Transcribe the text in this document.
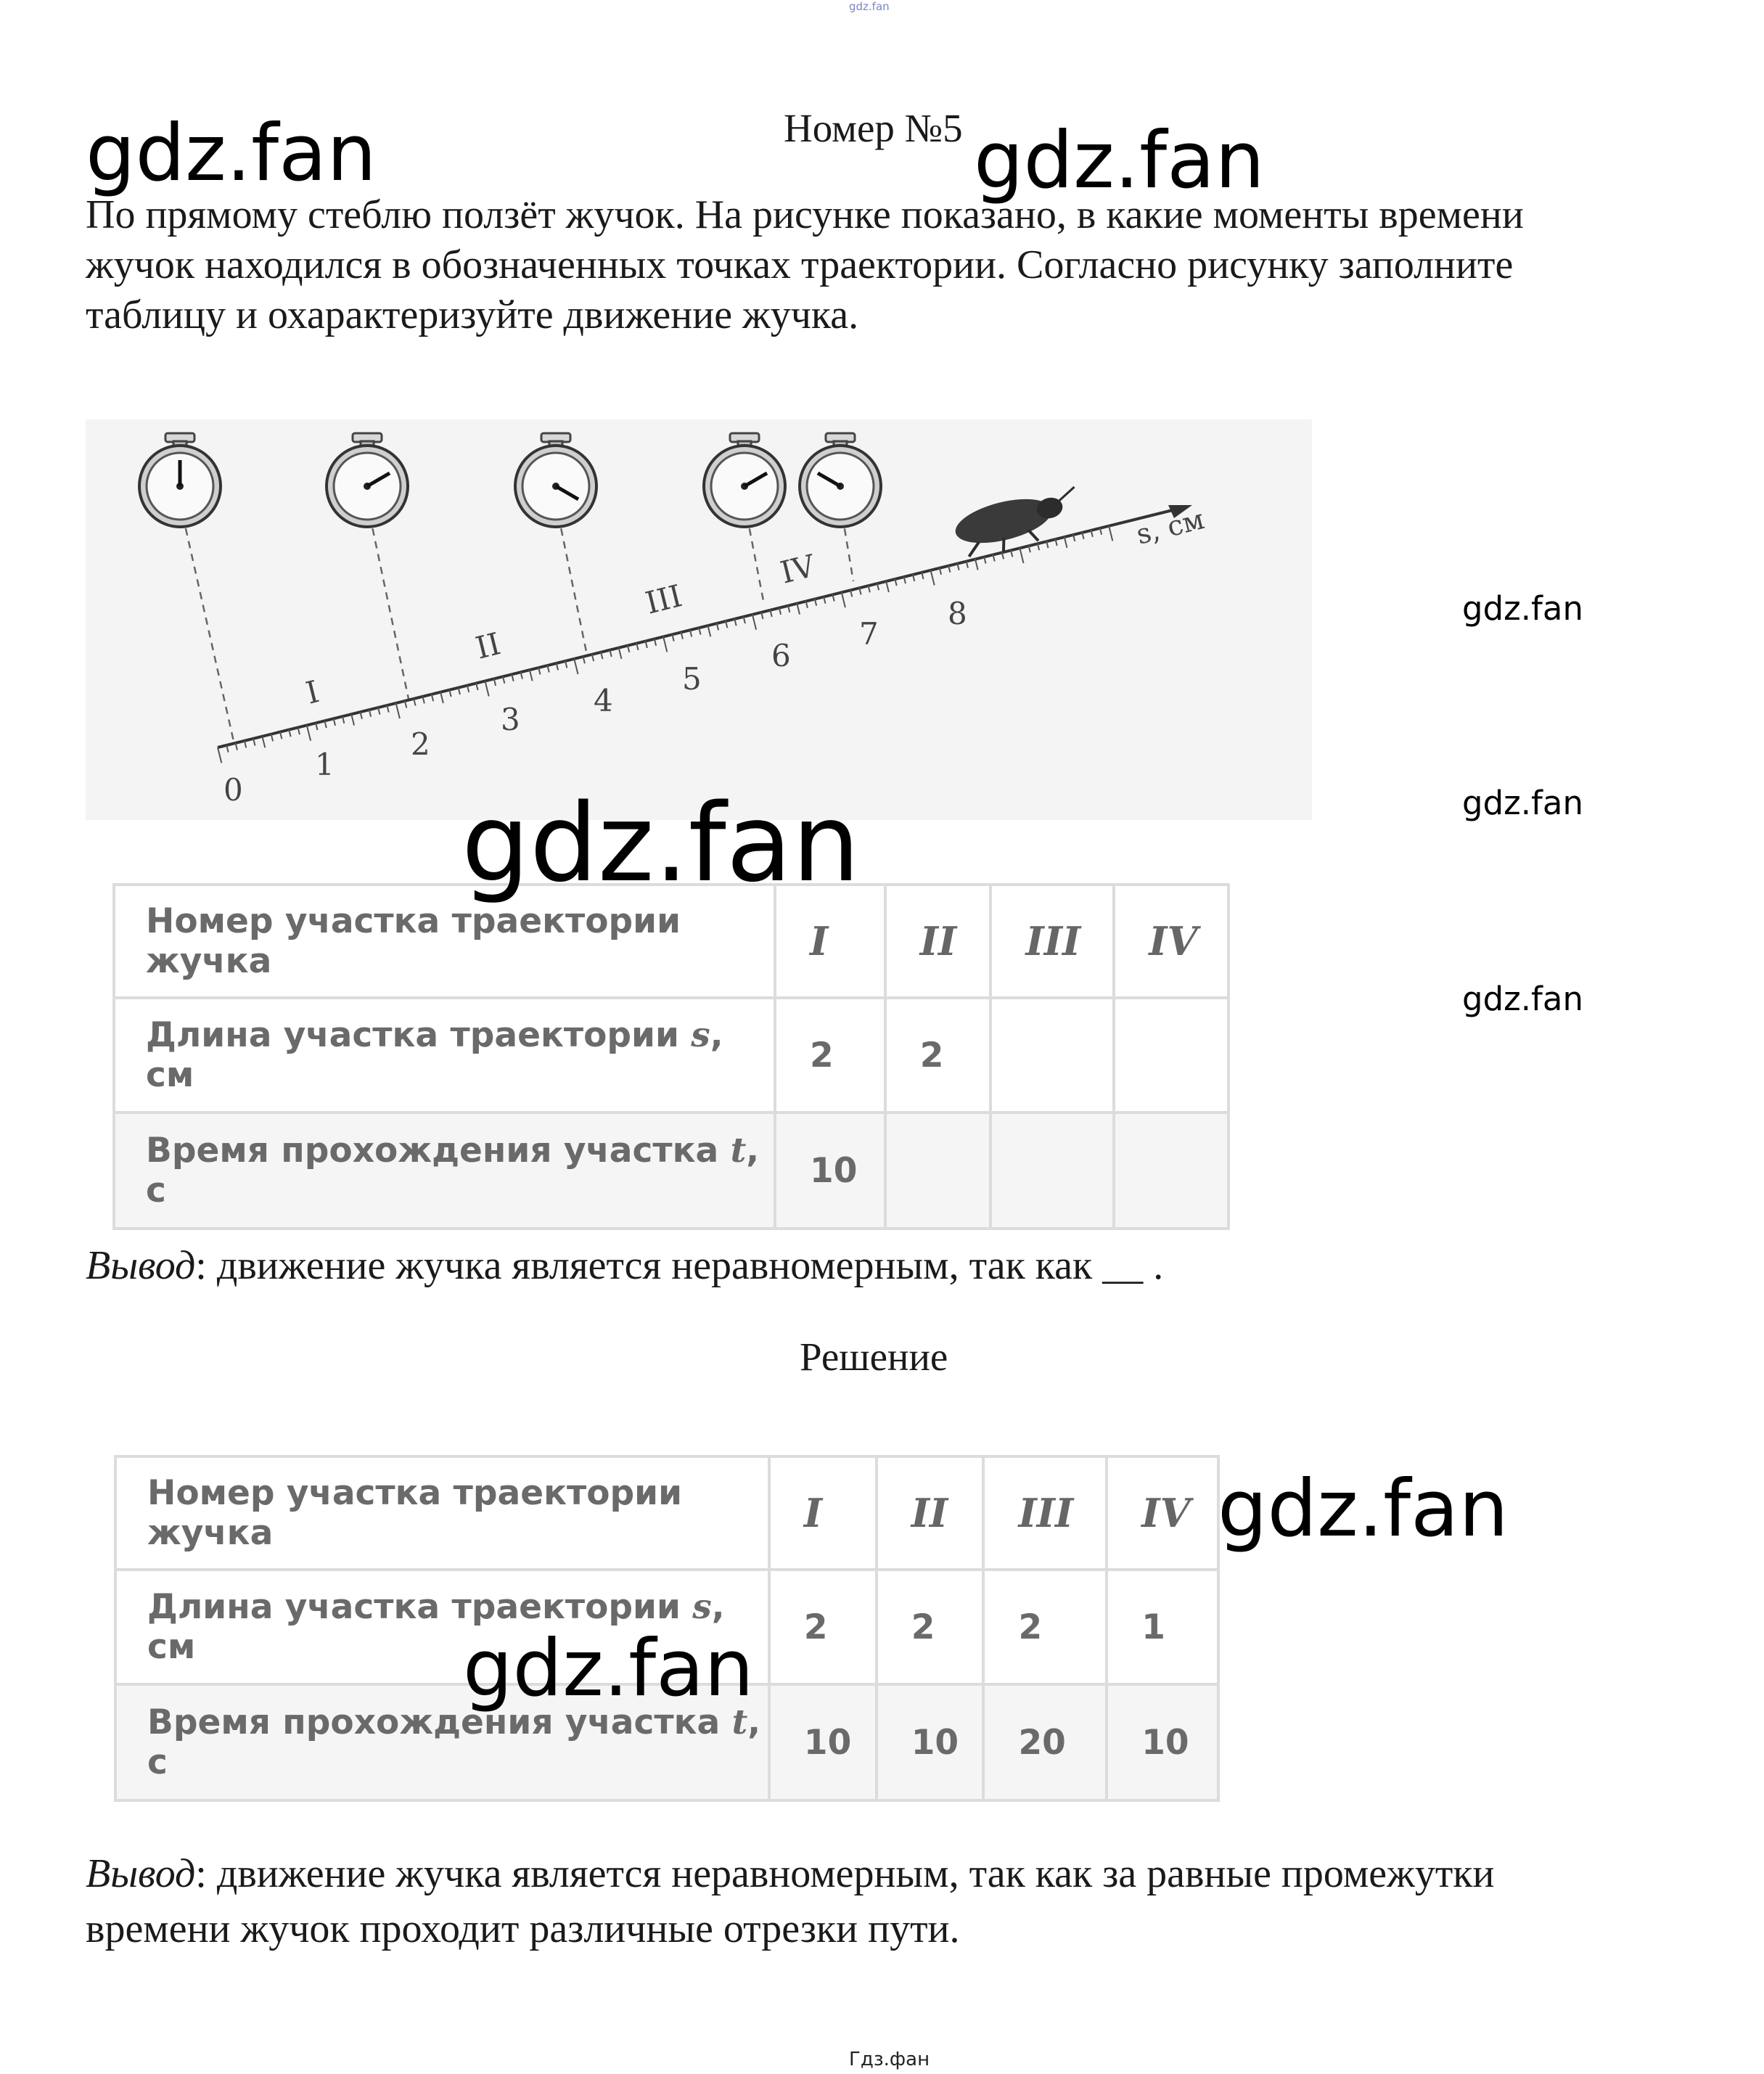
gdz.fan
gdz.fan	Номер №5 gdz.fan
По прямому стеблю ползёт жучок. На рисунке показано, в какие моменты времени
жучок находился в обозначенных точках траектории. Согласно рисунку заполните
таблицу и охарактеризуйте движение жучка.
s, см
0
1
2
3
4
5
6
7
8
I
II
III
IV
gdz.fan
gdz.fan
gdz.fan
Номер участка траектории жучка	I	II	III	IV
Длина участка траектории s, см	2	2		
Время прохождения участка t, с	10			
gdz.fan
Вывод: движение жучка является неравномерным, так как __ .
Решение
Номер участка траектории жучка	I	II	III	IV
Длина участка траектории s, см	2	2	2	1
Время прохождения участка t, с	10	10	20	10
gdz.fan
gdz.fan
Вывод: движение жучка является неравномерным, так как за равные промежутки
времени жучок проходит различные отрезки пути.
Гдз.фан
